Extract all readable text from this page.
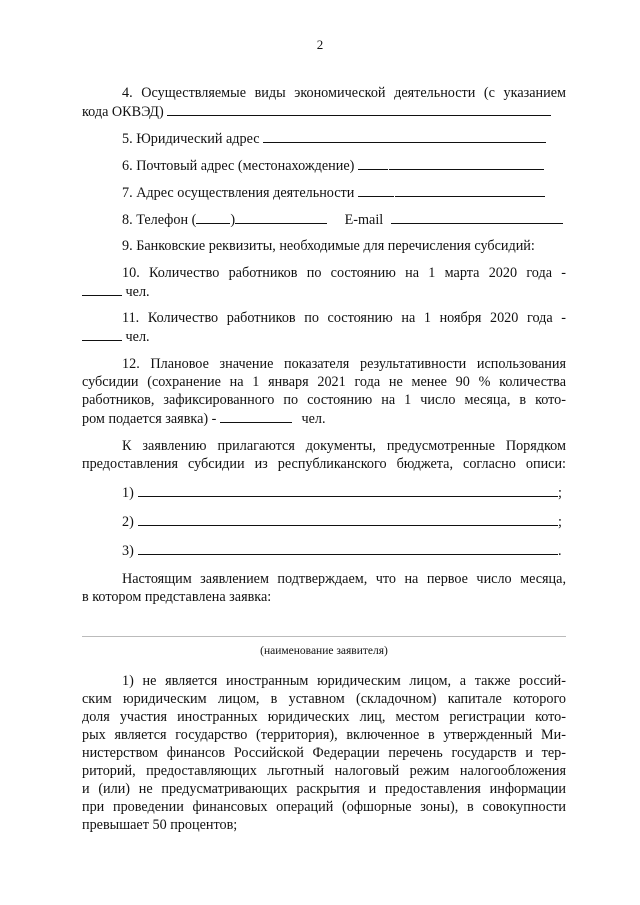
2
4. Осуществляемые виды экономической деятельности (с указанием
кода ОКВЭД)
5. Юридический адрес
6. Почтовый адрес (местонахождение)
7. Адрес осуществления деятельности
8. Телефон ( )	E-mail
9. Банковские реквизиты, необходимые для перечисления субсидий:
10. Количество работников по состоянию на 1 марта 2020 года -
чел.
11. Количество работников по состоянию на 1 ноября 2020 года -
чел.
12. Плановое значение показателя результативности использования
субсидии (сохранение на 1 января 2021 года не менее 90 % количества
работников, зафиксированного по состоянию на 1 число месяца, в кото-
ром подается заявка) -	чел.
К заявлению прилагаются документы, предусмотренные Порядком
предоставления субсидии из республиканского бюджета, согласно описи:
1)	;
2)	;
3)	.
Настоящим заявлением подтверждаем, что на первое число месяца,
в котором представлена заявка:
(наименование заявителя)
1) не является иностранным юридическим лицом, а также россий-
ским юридическим лицом, в уставном (складочном) капитале которого
доля участия иностранных юридических лиц, местом регистрации кото-
рых является государство (территория), включенное в утвержденный Ми-
нистерством финансов Российской Федерации перечень государств и тер-
риторий, предоставляющих льготный налоговый режим налогообложения
и (или) не предусматривающих раскрытия и предоставления информации
при проведении финансовых операций (офшорные зоны), в совокупности
превышает 50 процентов;
